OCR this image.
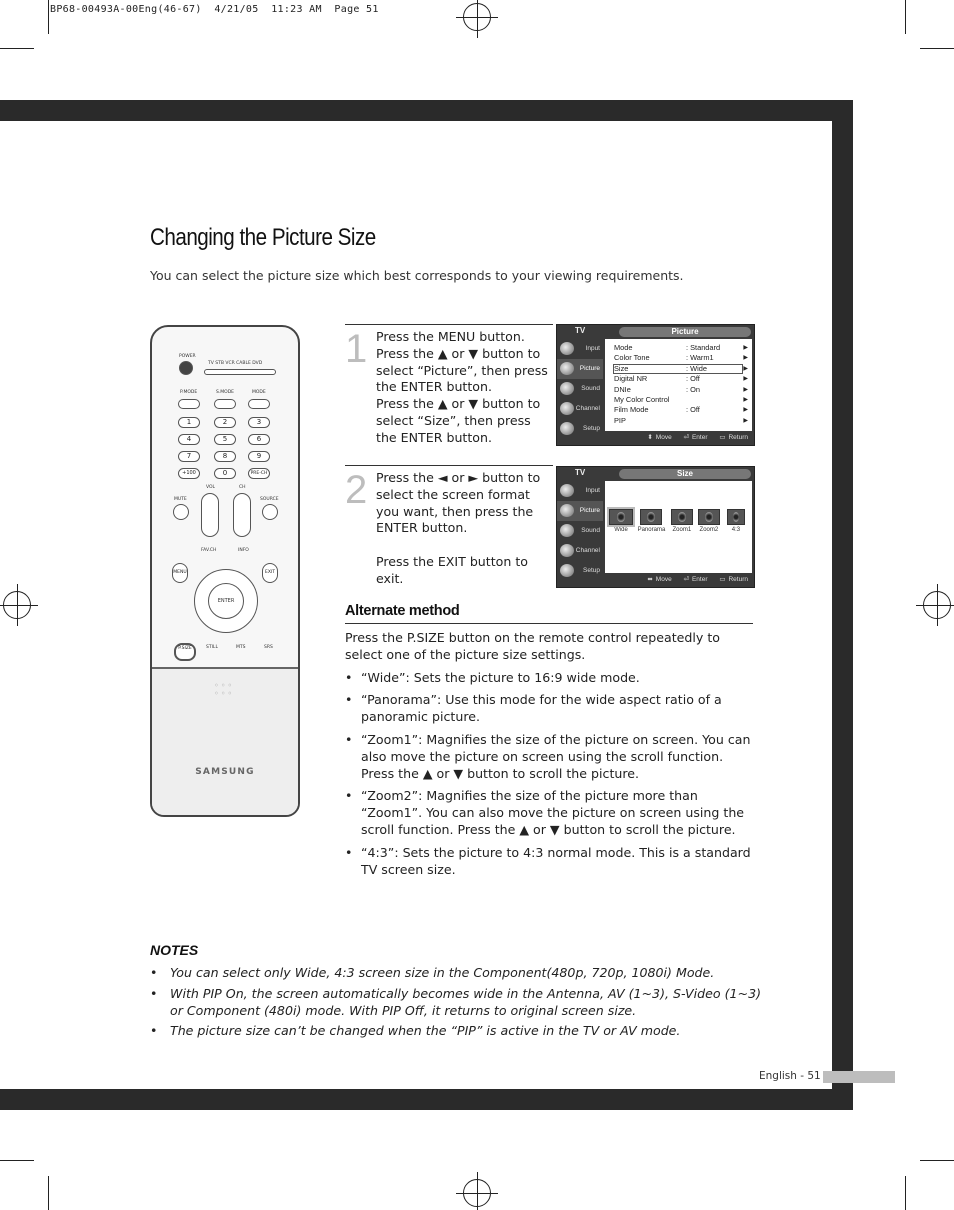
BP68-00493A-00Eng(46-67)  4/21/05  11:23 AM  Page 51
Changing the Picture Size
You can select the picture size which best corresponds to your viewing requirements.
POWER
TV STB VCR CABLE DVD
P.MODE	S.MODE	MODE
1	2	3
4	5	6
7	8	9
+100	0	PRE-CH
MUTE
VOL	CH
SOURCE
FAV.CH	INFO
MENU	EXIT
ENTER
P.SIZE	STILL	MTS	SRS
◦◦◦
◦◦◦
SAMSUNG
1 Press the MENU button.

Press the ▲ or ▼ button to select “Picture”, then press the ENTER button.

Press the ▲ or ▼ button to select “Size”, then press the ENTER button.

TV	Picture
Input
Picture
Sound
Channel
Setup
Mode	: Standard	▶
Color Tone	: Warm1	▶
Size	: Wide	▶
Digital NR	: Off	▶
DNIe	: On	▶
My Color Control	▶
Film Mode	: Off	▶
PIP	▶
⬍ Move ⏎ Enter ▭ Return
2 Press the ◄ or ► button to select the screen format you want, then press the ENTER button.

Press the EXIT button to exit.

TV	Size
Input
Picture
Sound
Channel
Setup
Wide	Panorama	Zoom1	Zoom2	4:3
⬌ Move ⏎ Enter ▭ Return
Alternate method

Press the P.SIZE button on the remote control repeatedly to select one of the picture size settings.

• “Wide”: Sets the picture to 16:9 wide mode.
• “Panorama”: Use this mode for the wide aspect ratio of a panoramic picture.
• “Zoom1”: Magnifies the size of the picture on screen. You can also move the picture on screen using the scroll function. Press the ▲ or ▼ button to scroll the picture.
• “Zoom2”: Magnifies the size of the picture more than “Zoom1”. You can also move the picture on screen using the scroll function. Press the ▲ or ▼ button to scroll the picture.
• “4:3”: Sets the picture to 4:3 normal mode. This is a standard TV screen size.
NOTES
• You can select only Wide, 4:3 screen size in the Component(480p, 720p, 1080i) Mode.
• With PIP On, the screen automatically becomes wide in the Antenna, AV (1~3), S-Video (1~3) or Component (480i) mode. With PIP Off, it returns to original screen size.
• The picture size can’t be changed when the “PIP” is active in the TV or AV mode.
English - 51
